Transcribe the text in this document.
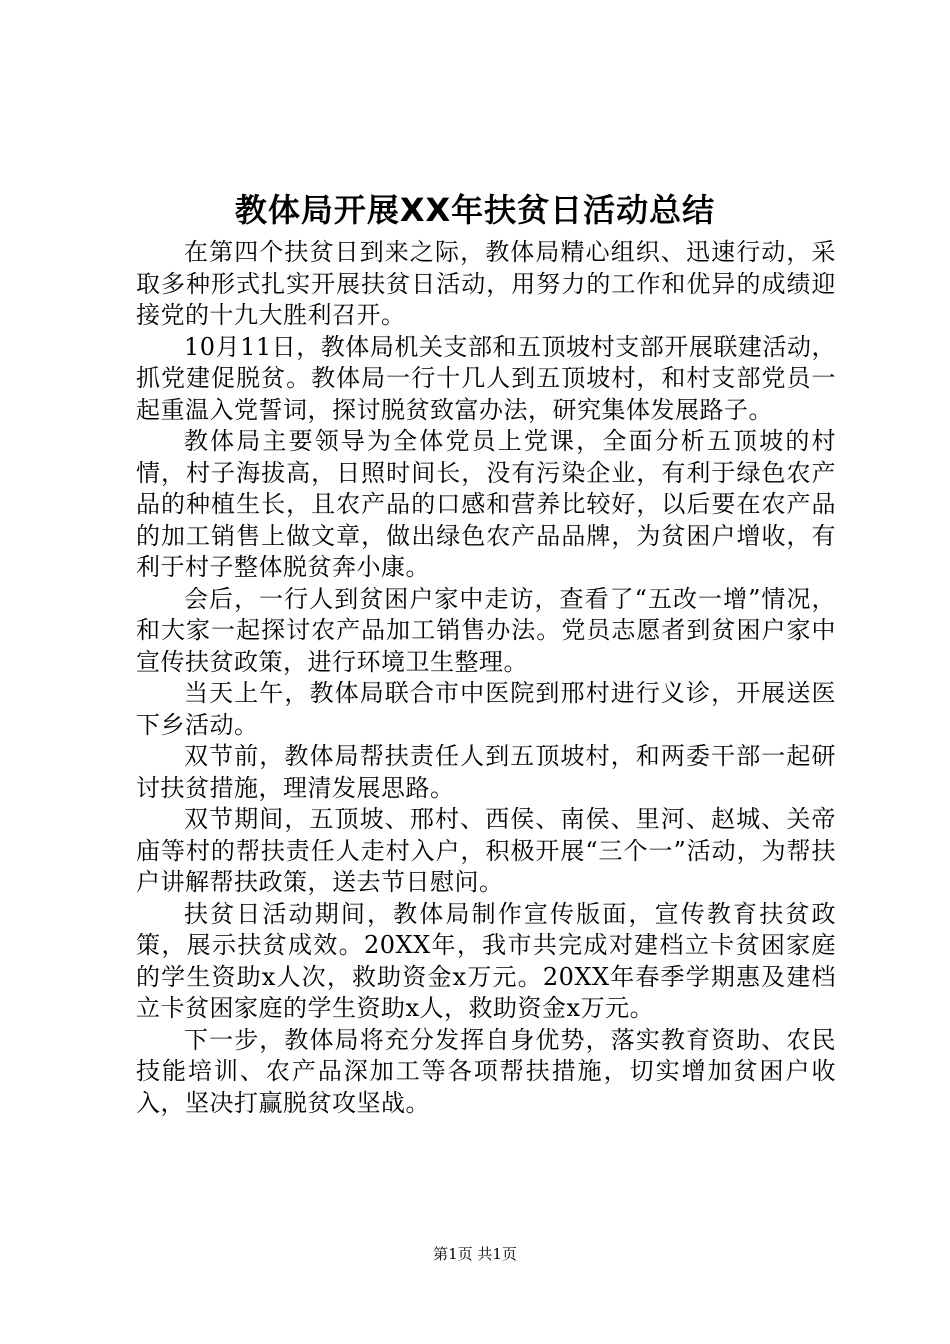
教体局开展XX年扶贫日活动总结

在第四个扶贫日到来之际，教体局精心组织、迅速行动，采取多种形式扎实开展扶贫日活动，用努力的工作和优异的成绩迎接党的十九大胜利召开。

10月11日，教体局机关支部和五顶坡村支部开展联建活动，抓党建促脱贫。教体局一行十几人到五顶坡村，和村支部党员一起重温入党誓词，探讨脱贫致富办法，研究集体发展路子。

教体局主要领导为全体党员上党课，全面分析五顶坡的村情，村子海拔高，日照时间长，没有污染企业，有利于绿色农产品的种植生长，且农产品的口感和营养比较好，以后要在农产品的加工销售上做文章，做出绿色农产品品牌，为贫困户增收，有利于村子整体脱贫奔小康。

会后，一行人到贫困户家中走访，查看了“五改一增”情况，和大家一起探讨农产品加工销售办法。党员志愿者到贫困户家中宣传扶贫政策，进行环境卫生整理。

当天上午，教体局联合市中医院到邢村进行义诊，开展送医下乡活动。

双节前，教体局帮扶责任人到五顶坡村，和两委干部一起研讨扶贫措施，理清发展思路。

双节期间，五顶坡、邢村、西侯、南侯、里河、赵城、关帝庙等村的帮扶责任人走村入户，积极开展“三个一”活动，为帮扶户讲解帮扶政策，送去节日慰问。

扶贫日活动期间，教体局制作宣传版面，宣传教育扶贫政策，展示扶贫成效。20XX年，我市共完成对建档立卡贫困家庭的学生资助x人次，救助资金x万元。20XX年春季学期惠及建档立卡贫困家庭的学生资助x人，救助资金x万元。

下一步，教体局将充分发挥自身优势，落实教育资助、农民技能培训、农产品深加工等各项帮扶措施，切实增加贫困户收入，坚决打赢脱贫攻坚战。

第1页 共1页
